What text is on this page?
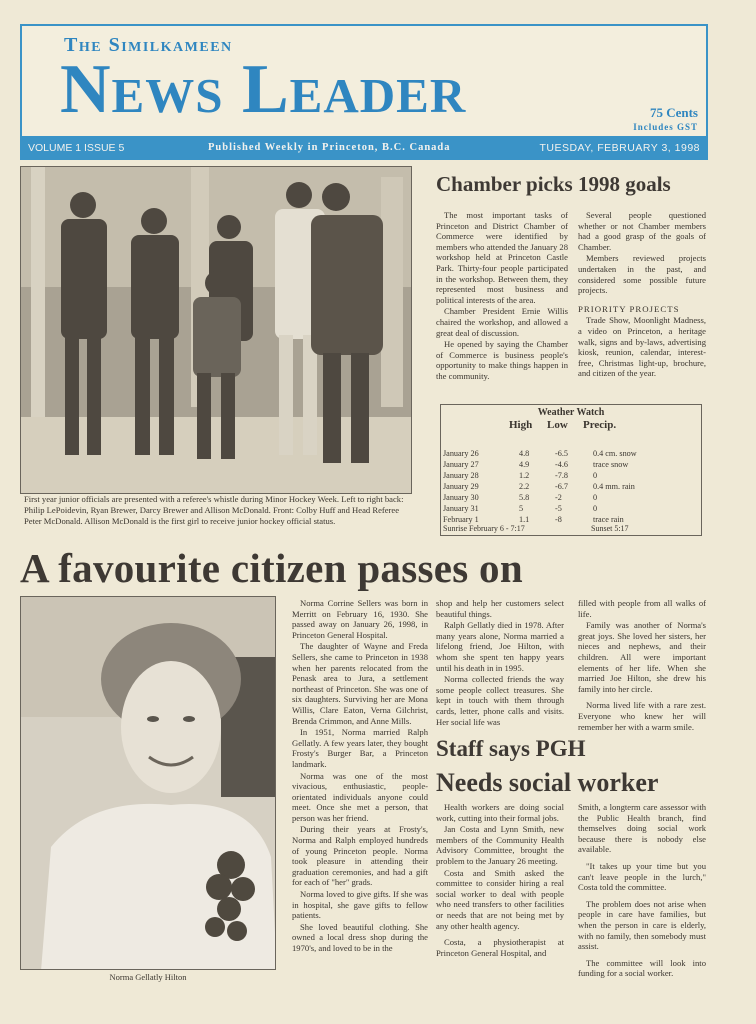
The Similkameen
News Leader	75 Cents
Includes GST
VOLUME 1 ISSUE 5	Published Weekly in Princeton, B.C. Canada	TUESDAY, FEBRUARY 3, 1998
First year junior officials are presented with a referee's whistle during Minor Hockey Week. Left to right back: Philip LePoidevin, Ryan Brewer, Darcy Brewer and Allison McDonald. Front: Colby Huff and Head Referee Peter McDonald. Allison McDonald is the first girl to receive junior hockey official status.
Chamber picks 1998 goals

The most important tasks of Princeton and District Chamber of Commerce were identified by members who attended the January 28 workshop held at Princeton Castle Park. Thirty-four people participated in the workshop. Between them, they represented most business and political interests of the area.

Chamber President Ernie Willis chaired the workshop, and allowed a great deal of discussion.

He opened by saying the Chamber of Commerce is business people's opportunity to make things happen in the community.

Several people questioned whether or not Chamber members had a good grasp of the goals of Chamber.

Members reviewed projects undertaken in the past, and considered some possible future projects.

PRIORITY PROJECTS

Trade Show, Moonlight Madness, a video on Princeton, a heritage walk, signs and by-laws, advertising kiosk, reunion, calendar, interest-free, Christmas light-up, brochure, and citizen of the year.

Weather Watch
High Low Precip.
January 26	4.8	-6.5	0.4 cm. snow
January 27	4.9	-4.6	trace snow
January 28	1.2	-7.8	0
January 29	2.2	-6.7	0.4 mm. rain
January 30	5.8	-2	0
January 31	5	-5	0
February 1	1.1	-8	trace rain
Sunrise February 6 - 7:17	Sunset 5:17
A favourite citizen passes on
Norma Gellatly Hilton

Norma Corrine Sellers was born in Merritt on February 16, 1930. She passed away on January 26, 1998, in Princeton General Hospital.

The daughter of Wayne and Freda Sellers, she came to Princeton in 1938 when her parents relocated from the Penask area to Jura, a settlement northeast of Princeton. She was one of six daughters. Surviving her are Mona Willis, Clare Eaton, Verna Gilchrist, Brenda Crimmon, and Anne Mills.

In 1951, Norma married Ralph Gellatly. A few years later, they bought Frosty's Burger Bar, a Princeton landmark.

Norma was one of the most vivacious, enthusiastic, people-orientated individuals anyone could meet. Once she met a person, that person was her friend.

During their years at Frosty's, Norma and Ralph employed hundreds of young Princeton people. Norma took pleasure in attending their graduation ceremonies, and had a gift for each of "her" grads.

Norma loved to give gifts. If she was in hospital, she gave gifts to fellow patients.

She loved beautiful clothing. She owned a local dress shop during the 1970's, and loved to be in the

shop and help her customers select beautiful things.

Ralph Gellatly died in 1978. After many years alone, Norma married a lifelong friend, Joe Hilton, with whom she spent ten happy years until his death in in 1995.

Norma collected friends the way some people collect treasures. She kept in touch with them through cards, letter, phone calls and visits. Her social life was

filled with people from all walks of life.

Family was another of Norma's great joys. She loved her sisters, her nieces and nephews, and their children. All were important elements of her life. When she married Joe Hilton, she drew his family into her circle.

Norma lived life with a rare zest. Everyone who knew her will remember her with a warm smile.

Staff says PGH
Needs social worker

Health workers are doing social work, cutting into their formal jobs.

Jan Costa and Lynn Smith, new members of the Community Health Advisory Committee, brought the problem to the January 26 meeting.

Costa and Smith asked the committee to consider hiring a real social worker to deal with people who need transfers to other facilities or needs that are not being met by any other health agency.

Costa, a physiotherapist at Princeton General Hospital, and

Smith, a longterm care assessor with the Public Health branch, find themselves doing social work because there is nobody else available.

"It takes up your time but you can't leave people in the lurch," Costa told the committee.

The problem does not arise when people in care have families, but when the person in care is elderly, with no family, then somebody must assist.

The committee will look into funding for a social worker.
